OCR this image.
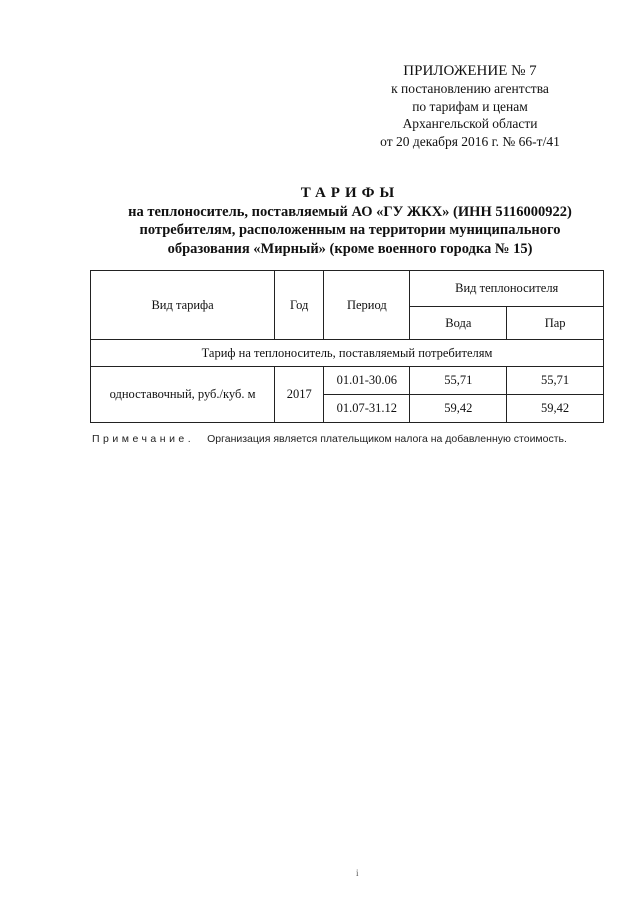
ПРИЛОЖЕНИЕ № 7
к постановлению агентства
по тарифам и ценам
Архангельской области
от 20 декабря 2016 г. № 66-т/41
ТАРИФЫ
на теплоноситель, поставляемый АО «ГУ ЖКХ» (ИНН 5116000922)
потребителям, расположенным на территории муниципального
образования «Мирный» (кроме военного городка № 15)
Вид тарифа	Год	Период	Вид теплоносителя	
			Вода	Пар
Тариф на теплоноситель, поставляемый потребителям				
одноставочный, руб./куб. м	2017	01.01-30.06	55,71	55,71
		01.07-31.12	59,42	59,42
Примечание. Организация является плательщиком налога на добавленную стоимость.
i
